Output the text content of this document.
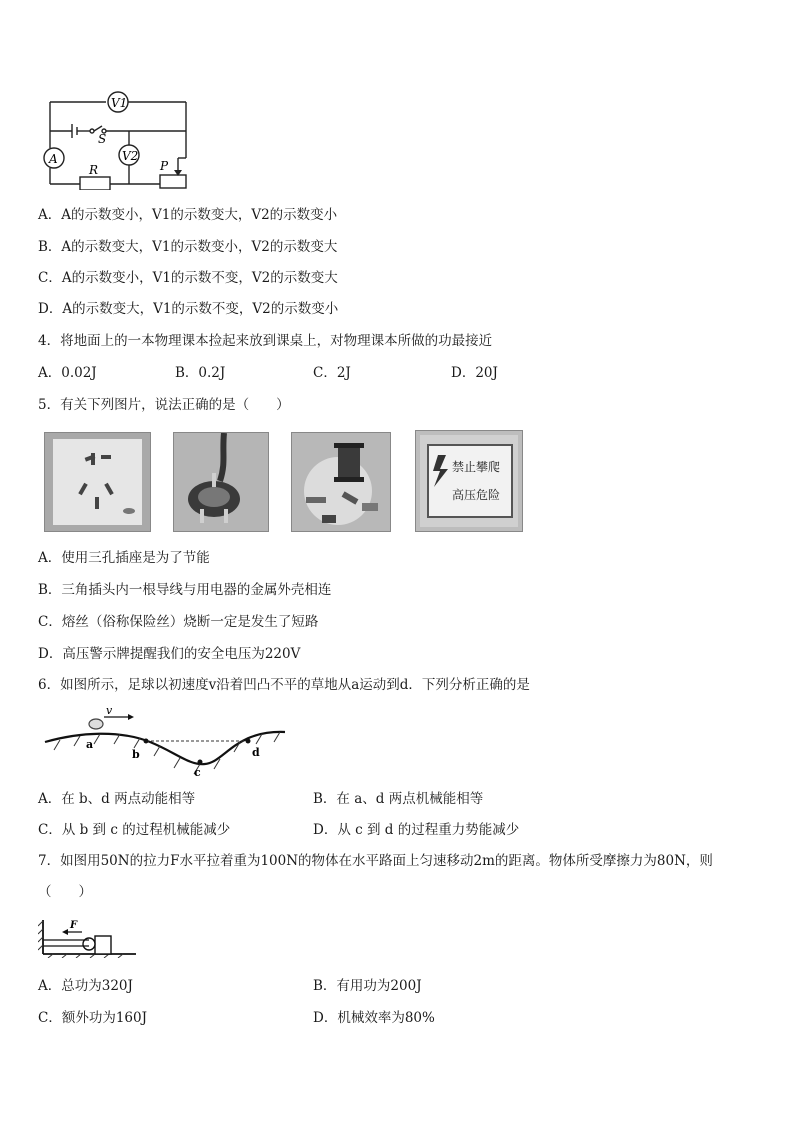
V1
A	V2
S
R	P
A．A的示数变小，V1的示数变大，V2的示数变小
B．A的示数变大，V1的示数变小，V2的示数变大
C．A的示数变小，V1的示数不变，V2的示数变大
D．A的示数变大，V1的示数不变，V2的示数变小
4．将地面上的一本物理课本捡起来放到课桌上，对物理课本所做的功最接近
A．0.02J	B．0.2J	C．2J	D．20J
5．有关下列图片，说法正确的是（　　）
禁止攀爬
高压危险
A．使用三孔插座是为了节能
B．三角插头内一根导线与用电器的金属外壳相连
C．熔丝（俗称保险丝）烧断一定是发生了短路
D．高压警示牌提醒我们的安全电压为220V
6．如图所示，足球以初速度v沿着凹凸不平的草地从a运动到d．下列分析正确的是
v
a
b
c
d
A．在 b、d 两点动能相等	B．在 a、d 两点机械能相等
C．从 b 到 c 的过程机械能减少	D．从 c 到 d 的过程重力势能减少
7．如图用50N的拉力F水平拉着重为100N的物体在水平路面上匀速移动2m的距离。物体所受摩擦力为80N，则
（　　）
F
A．总功为320J	B．有用功为200J
C．额外功为160J	D．机械效率为80%
